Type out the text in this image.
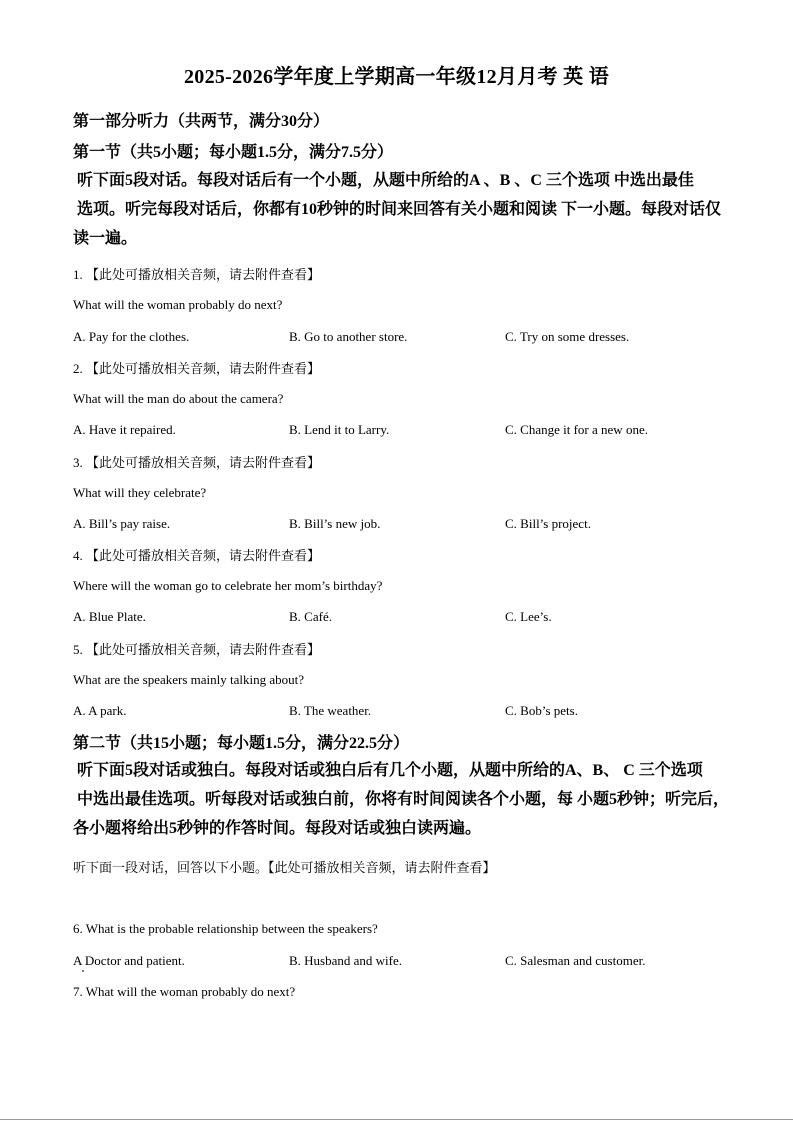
2025-2026学年度上学期高一年级12月月考 英 语
第一部分听力（共两节，满分30分）
第一节（共5小题；每小题1.5分，满分7.5分）
听下面5段对话。每段对话后有一个小题，从题中所给的A 、B 、C 三个选项 中选出最佳
选项。听完每段对话后，你都有10秒钟的时间来回答有关小题和阅读 下一小题。每段对话仅
读一遍。
1. 【此处可播放相关音频，请去附件查看】
What will the woman probably do next?
A. Pay for the clothes.	B. Go to another store.	C. Try on some dresses.
2. 【此处可播放相关音频，请去附件查看】
What will the man do about the camera?
A. Have it repaired.	B. Lend it to Larry.	C. Change it for a new one.
3. 【此处可播放相关音频，请去附件查看】
What will they celebrate?
A. Bill’s pay raise.	B. Bill’s new job.	C. Bill’s project.
4. 【此处可播放相关音频，请去附件查看】
Where will the woman go to celebrate her mom’s birthday?
A. Blue Plate.	B. Café.	C. Lee’s.
5. 【此处可播放相关音频，请去附件查看】
What are the speakers mainly talking about?
A. A park.	B. The weather.	C. Bob’s pets.
第二节（共15小题；每小题1.5分，满分22.5分）
听下面5段对话或独白。每段对话或独白后有几个小题，从题中所给的A、B、 C 三个选项
中选出最佳选项。听每段对话或独白前，你将有时间阅读各个小题，每 小题5秒钟；听完后，
各小题将给出5秒钟的作答时间。每段对话或独白读两遍。
听下面一段对话，回答以下小题。【此处可播放相关音频，请去附件查看】
6. What is the probable relationship between the speakers?
A Doctor and patient.	B. Husband and wife.	C. Salesman and customer.
7. What will the woman probably do next?
